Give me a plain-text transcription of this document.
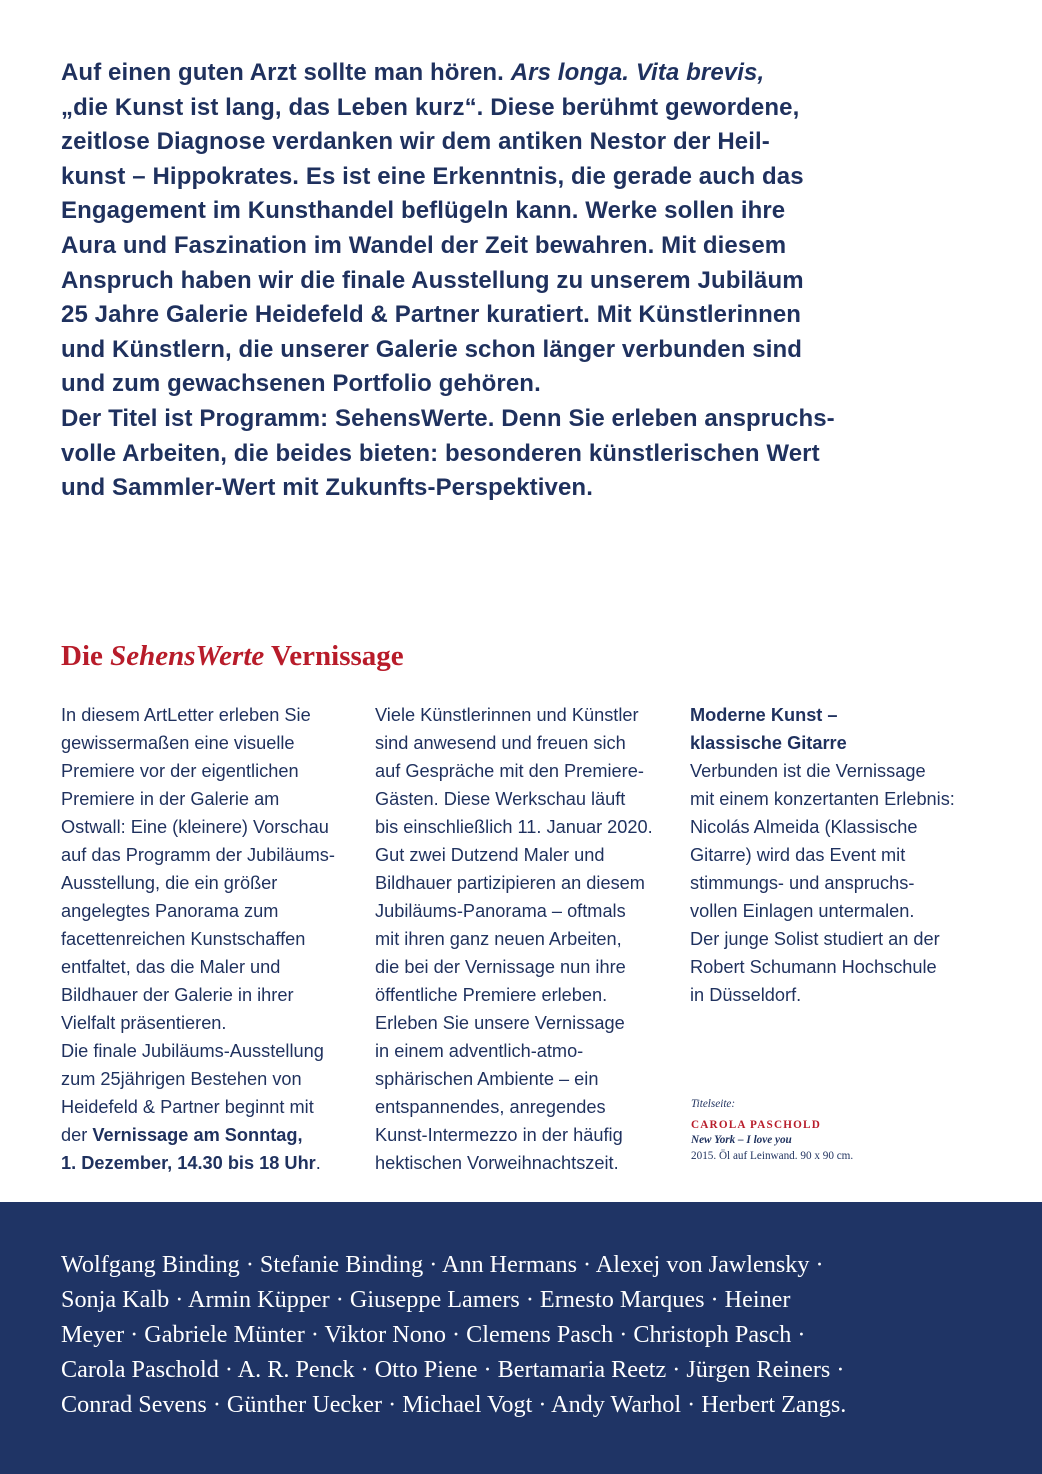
Auf einen guten Arzt sollte man hören. Ars longa. Vita brevis,
„die Kunst ist lang, das Leben kurz“. Diese berühmt gewordene,
zeitlose Diagnose verdanken wir dem antiken Nestor der Heil-
kunst – Hippokrates. Es ist eine Erkenntnis, die gerade auch das
Engagement im Kunsthandel beflügeln kann. Werke sollen ihre
Aura und Faszination im Wandel der Zeit bewahren. Mit diesem
Anspruch haben wir die finale Ausstellung zu unserem Jubiläum
25 Jahre Galerie Heidefeld & Partner kuratiert. Mit Künstlerinnen
und Künstlern, die unserer Galerie schon länger verbunden sind
und zum gewachsenen Portfolio gehören.
Der Titel ist Programm: SehensWerte. Denn Sie erleben anspruchs-
volle Arbeiten, die beides bieten: besonderen künstlerischen Wert
und Sammler-Wert mit Zukunfts-Perspektiven.
Die SehensWerte Vernissage
In diesem ArtLetter erleben Sie
gewissermaßen eine visuelle
Premiere vor der eigentlichen
Premiere in der Galerie am
Ostwall: Eine (kleinere) Vorschau
auf das Programm der Jubiläums-
Ausstellung, die ein größer
angelegtes Panorama zum
facettenreichen Kunstschaffen
entfaltet, das die Maler und
Bildhauer der Galerie in ihrer
Vielfalt präsentieren.
Die finale Jubiläums-Ausstellung
zum 25jährigen Bestehen von
Heidefeld & Partner beginnt mit
der Vernissage am Sonntag,
1. Dezember, 14.30 bis 18 Uhr.
Viele Künstlerinnen und Künstler
sind anwesend und freuen sich
auf Gespräche mit den Premiere-
Gästen. Diese Werkschau läuft
bis einschließlich 11. Januar 2020.
Gut zwei Dutzend Maler und
Bildhauer partizipieren an diesem
Jubiläums-Panorama – oftmals
mit ihren ganz neuen Arbeiten,
die bei der Vernissage nun ihre
öffentliche Premiere erleben.
Erleben Sie unsere Vernissage
in einem adventlich-atmo-
sphärischen Ambiente – ein
entspannendes, anregendes
Kunst-Intermezzo in der häufig
hektischen Vorweihnachtszeit.
Moderne Kunst –
klassische Gitarre
Verbunden ist die Vernissage
mit einem konzertanten Erlebnis:
Nicolás Almeida (Klassische
Gitarre) wird das Event mit
stimmungs- und anspruchs-
vollen Einlagen untermalen.
Der junge Solist studiert an der
Robert Schumann Hochschule
in Düsseldorf.
Titelseite:
CAROLA PASCHOLD
New York – I love you
2015. Öl auf Leinwand. 90 x 90 cm.
Wolfgang Binding · Stefanie Binding · Ann Hermans · Alexej von Jawlensky ·
Sonja Kalb · Armin Küpper · Giuseppe Lamers · Ernesto Marques · Heiner
Meyer · Gabriele Münter · Viktor Nono · Clemens Pasch · Christoph Pasch ·
Carola Paschold · A. R. Penck · Otto Piene · Bertamaria Reetz · Jürgen Reiners ·
Conrad Sevens · Günther Uecker · Michael Vogt · Andy Warhol · Herbert Zangs.
